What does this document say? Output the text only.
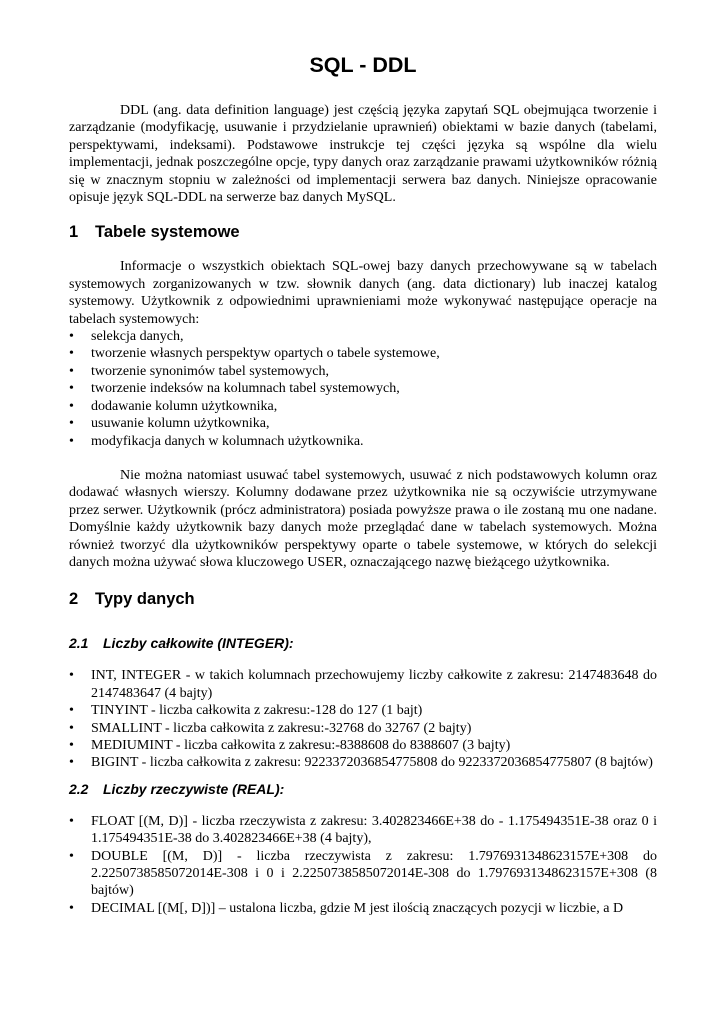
SQL - DDL

DDL (ang. data definition language) jest częścią języka zapytań SQL obejmująca tworzenie i zarządzanie (modyfikację, usuwanie i przydzielanie uprawnień) obiektami w bazie danych (tabelami, perspektywami, indeksami). Podstawowe instrukcje tej części języka są wspólne dla wielu implementacji, jednak poszczególne opcje, typy danych oraz zarządzanie prawami użytkowników różnią się w znacznym stopniu w zależności od implementacji serwera baz danych. Niniejsze opracowanie opisuje język SQL-DDL na serwerze baz danych MySQL.

1 Tabele systemowe

Informacje o wszystkich obiektach SQL-owej bazy danych przechowywane są w tabelach systemowych zorganizowanych w tzw. słownik danych (ang. data dictionary) lub inaczej katalog systemowy. Użytkownik z odpowiednimi uprawnieniami może wykonywać następujące operacje na tabelach systemowych:

• selekcja danych,
• tworzenie własnych perspektyw opartych o tabele systemowe,
• tworzenie synonimów tabel systemowych,
• tworzenie indeksów na kolumnach tabel systemowych,
• dodawanie kolumn użytkownika,
• usuwanie kolumn użytkownika,
• modyfikacja danych w kolumnach użytkownika.

Nie można natomiast usuwać tabel systemowych, usuwać z nich podstawowych kolumn oraz dodawać własnych wierszy. Kolumny dodawane przez użytkownika nie są oczywiście utrzymywane przez serwer. Użytkownik (prócz administratora) posiada powyższe prawa o ile zostaną mu one nadane. Domyślnie każdy użytkownik bazy danych może przeglądać dane w tabelach systemowych. Można również tworzyć dla użytkowników perspektywy oparte o tabele systemowe, w których do selekcji danych można używać słowa kluczowego USER, oznaczającego nazwę bieżącego użytkownika.

2 Typy danych
2.1 Liczby całkowite (INTEGER):
• INT, INTEGER - w takich kolumnach przechowujemy liczby całkowite z zakresu: 2147483648 do 2147483647 (4 bajty)
• TINYINT - liczba całkowita z zakresu:-128 do 127 (1 bajt)
• SMALLINT - liczba całkowita z zakresu:-32768 do 32767 (2 bajty)
• MEDIUMINT - liczba całkowita z zakresu:-8388608 do 8388607 (3 bajty)
• BIGINT - liczba całkowita z zakresu: 9223372036854775808 do 9223372036854775807 (8 bajtów)
2.2 Liczby rzeczywiste (REAL):
• FLOAT [(M, D)] - liczba rzeczywista z zakresu: 3.402823466E+38 do - 1.175494351E-38 oraz 0 i 1.175494351E-38 do 3.402823466E+38 (4 bajty),
• DOUBLE [(M, D)] - liczba rzeczywista z zakresu: 1.7976931348623157E+308 do 2.2250738585072014E-308 i 0 i 2.2250738585072014E-308 do 1.7976931348623157E+308 (8 bajtów)
• DECIMAL [(M[, D])] – ustalona liczba, gdzie M jest ilością znaczących pozycji w liczbie, a D
